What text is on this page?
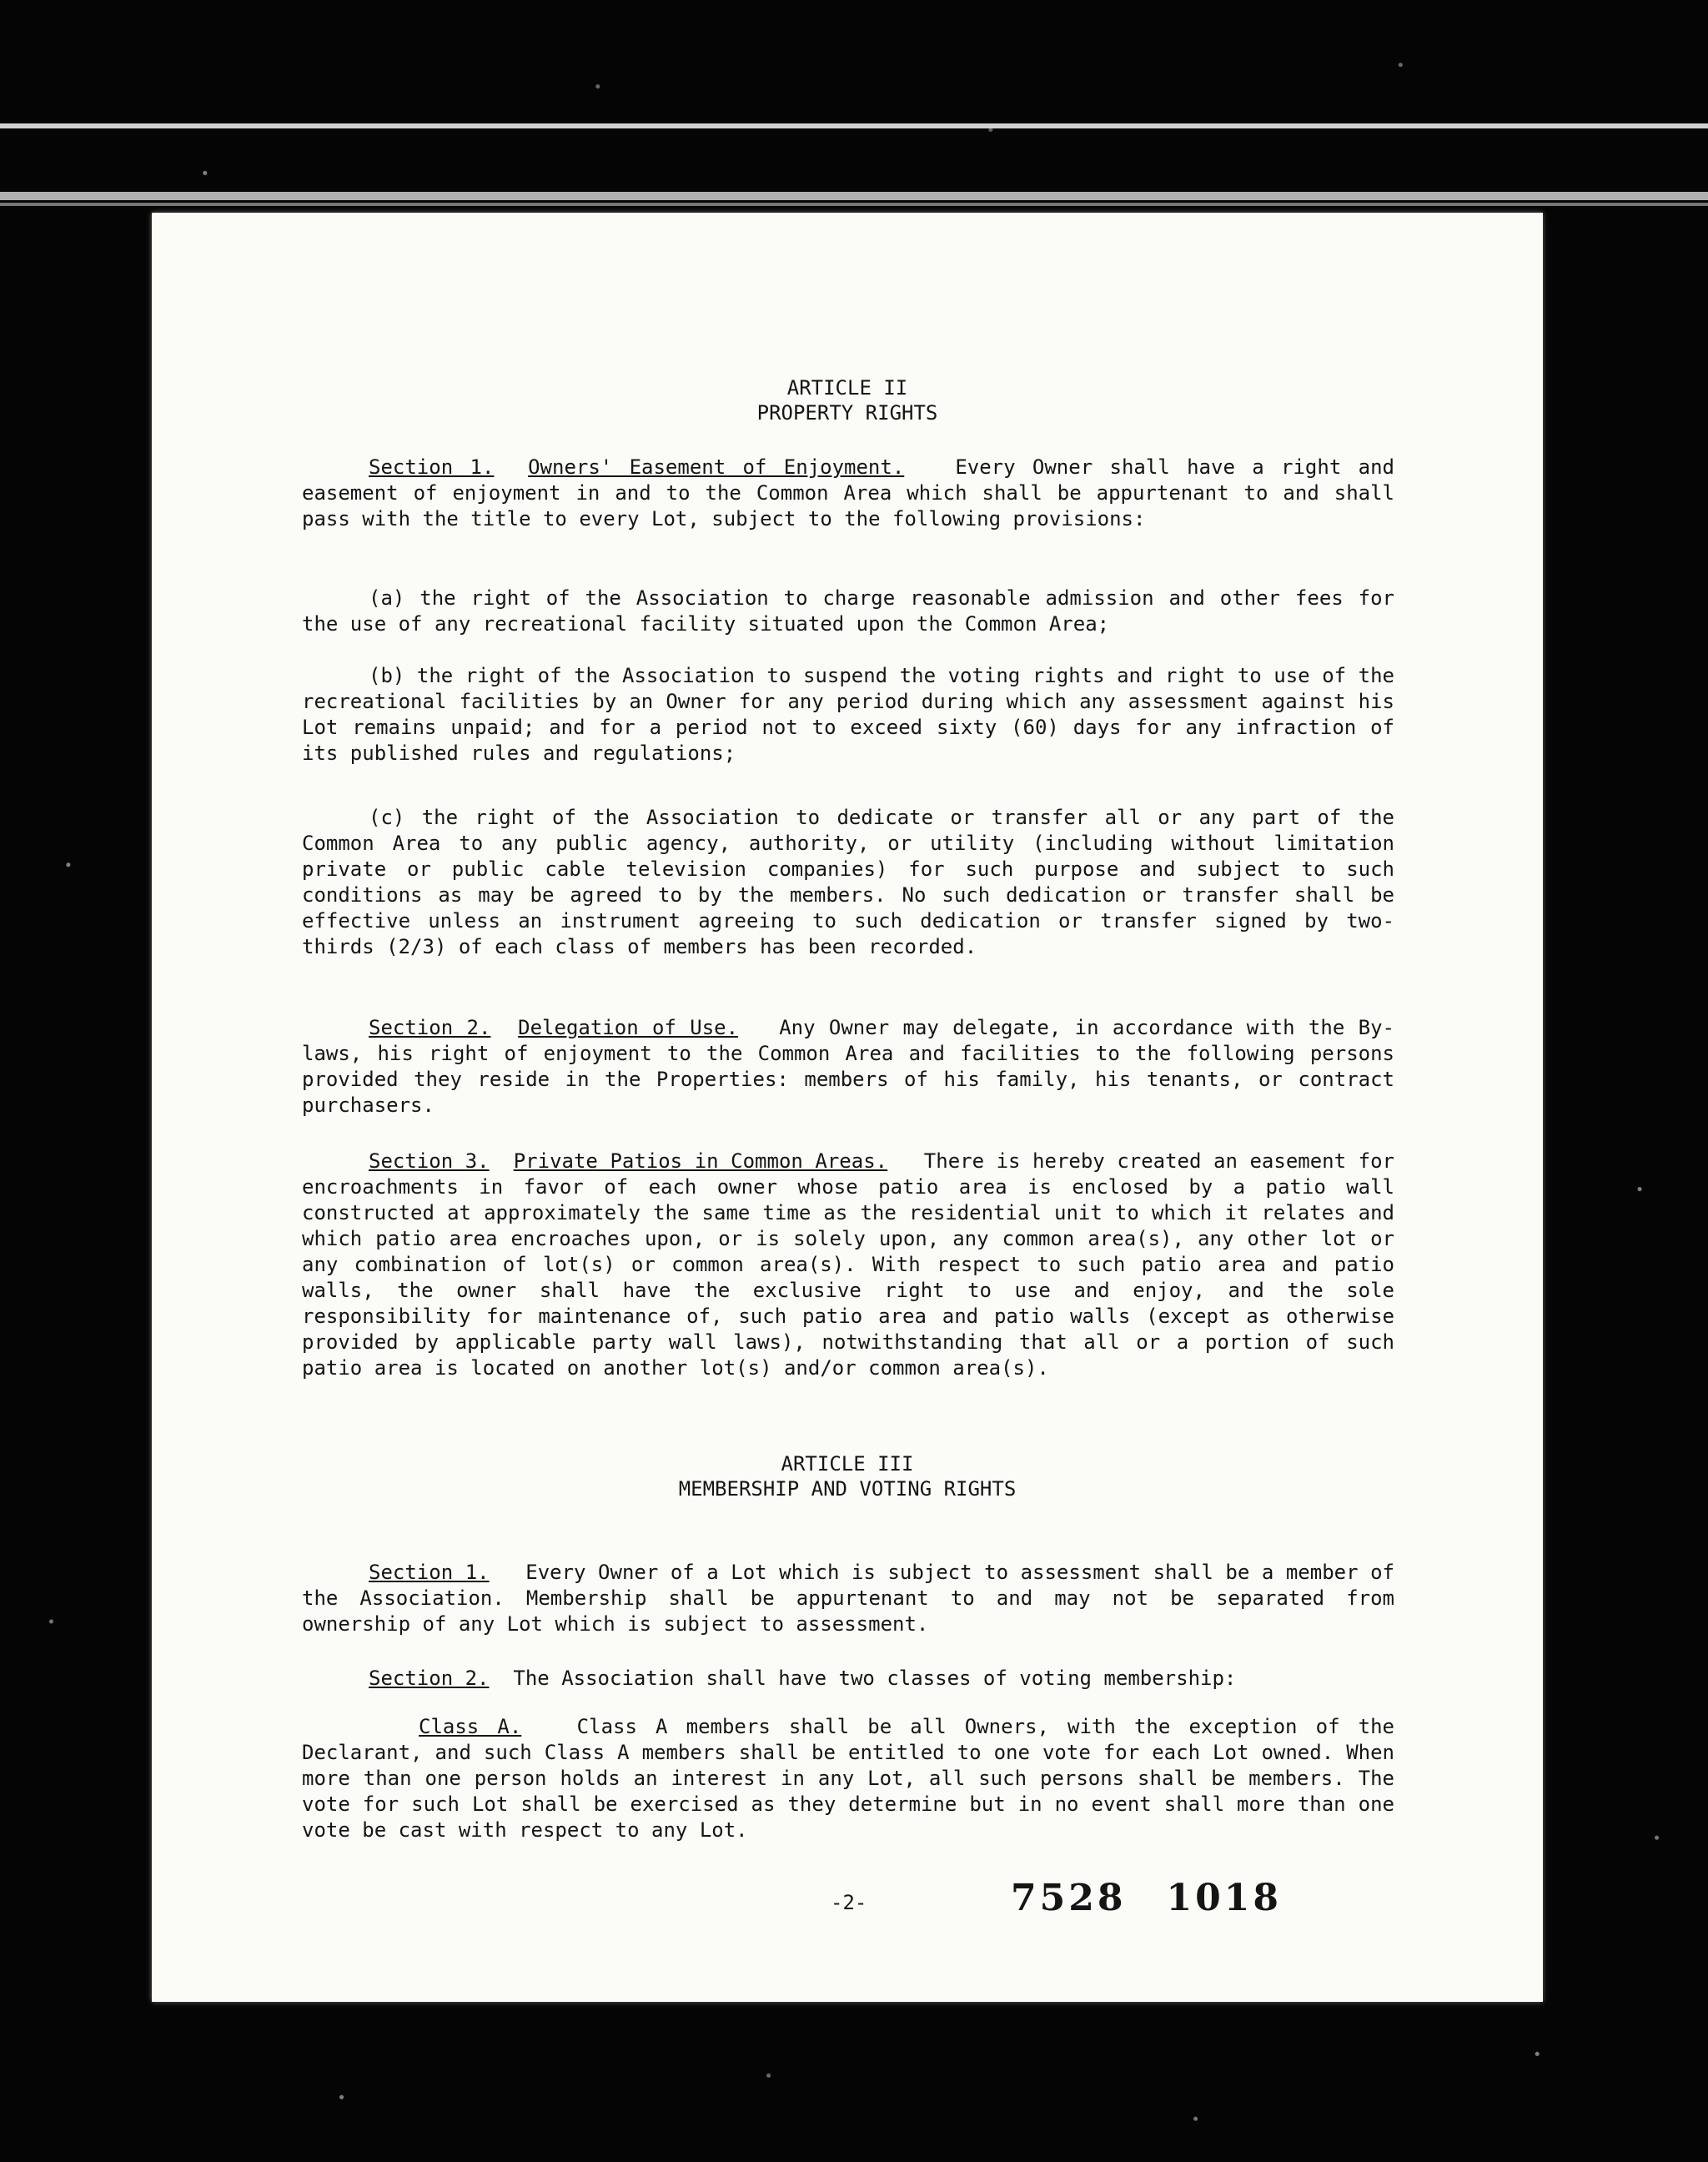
ARTICLE II

PROPERTY RIGHTS

Section 1. Owners' Easement of Enjoyment.	Every Owner shall have a right and easement of enjoyment in and to the Common Area which shall be appurtenant to and shall pass with the title to every Lot, subject to the following provisions:

(a) the right of the Association to charge reasonable admission and other fees for the use of any recreational facility situated upon the Common Area;

(b) the right of the Association to suspend the voting rights and right to use of the recreational facilities by an Owner for any period during which any assessment against his Lot remains unpaid; and for a period not to exceed sixty (60) days for any infraction of its published rules and regulations;

(c) the right of the Association to dedicate or transfer all or any part of the Common Area to any public agency, authority, or utility (including without limitation private or public cable television companies) for such purpose and subject to such conditions as may be agreed to by the members. No such dedication or transfer shall be effective unless an instrument agreeing to such dedication or transfer signed by two-thirds (2/3) of each class of members has been recorded.

Section 2. Delegation of Use. Any Owner may delegate, in accordance with the By-laws, his right of enjoyment to the Common Area and facilities to the following persons provided they reside in the Properties: members of his family, his tenants, or contract purchasers.

Section 3. Private Patios in Common Areas. There is hereby created an easement for encroachments in favor of each owner whose patio area is enclosed by a patio wall constructed at approximately the same time as the residential unit to which it relates and which patio area encroaches upon, or is solely upon, any common area(s), any other lot or any combination of lot(s) or common area(s). With respect to such patio area and patio walls, the owner shall have the exclusive right to use and enjoy, and the sole responsibility for maintenance of, such patio area and patio walls (except as otherwise provided by applicable party wall laws), notwithstanding that all or a portion of such patio area is located on another lot(s) and/or common area(s).

ARTICLE III

MEMBERSHIP AND VOTING RIGHTS

Section 1. Every Owner of a Lot which is subject to assessment shall be a member of the Association. Membership shall be appurtenant to and may not be separated from ownership of any Lot which is subject to assessment.

Section 2. The Association shall have two classes of voting membership:

Class A.	Class A members shall be all Owners, with the exception of the Declarant, and such Class A members shall be entitled to one vote for each Lot owned. When more than one person holds an interest in any Lot, all such persons shall be members. The vote for such Lot shall be exercised as they determine but in no event shall more than one vote be cast with respect to any Lot.

-2-	7528 1018
